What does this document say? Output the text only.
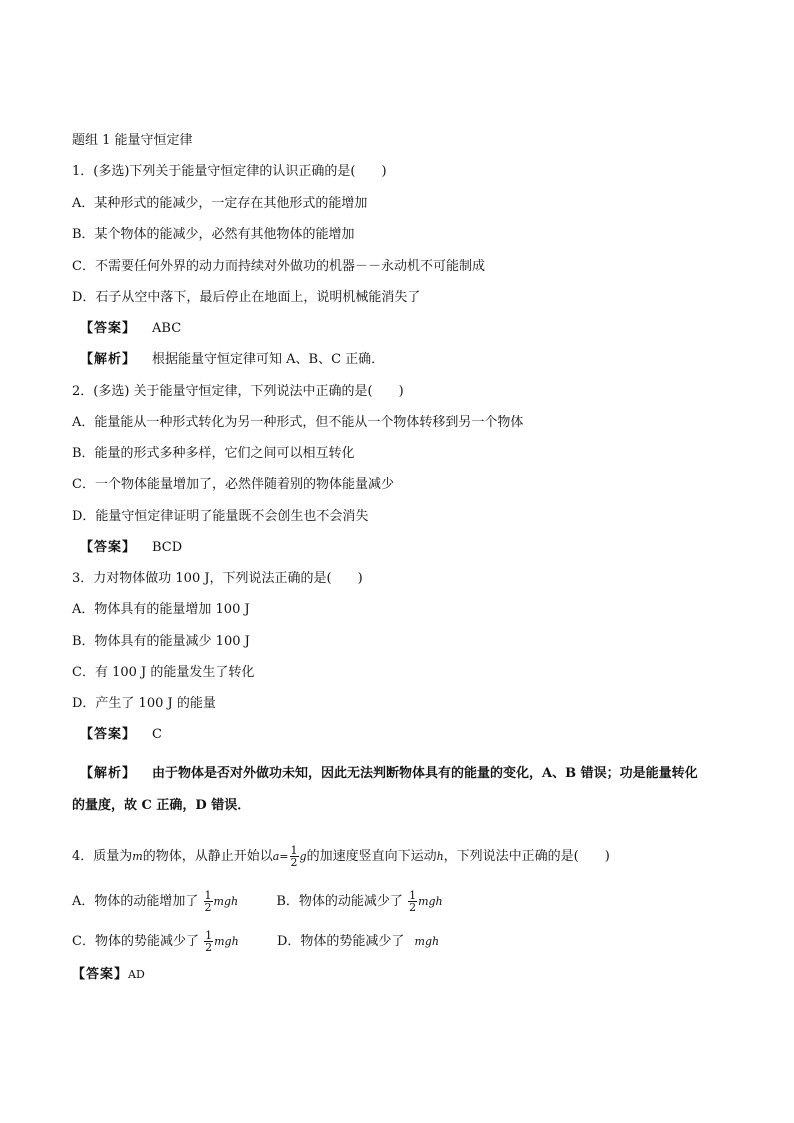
题组 1 能量守恒定律
1．(多选)下列关于能量守恒定律的认识正确的是(　　)
A．某种形式的能减少，一定存在其他形式的能增加
B．某个物体的能减少，必然有其他物体的能增加
C．不需要任何外界的动力而持续对外做功的机器－－永动机不可能制成
D．石子从空中落下，最后停止在地面上，说明机械能消失了
【答案】 ABC
【解析】 根据能量守恒定律可知 A、B、C 正确．
2．(多选) 关于能量守恒定律，下列说法中正确的是(　　)
A．能量能从一种形式转化为另一种形式，但不能从一个物体转移到另一个物体
B．能量的形式多种多样，它们之间可以相互转化
C．一个物体能量增加了，必然伴随着别的物体能量减少
D．能量守恒定律证明了能量既不会创生也不会消失
【答案】 BCD
3．力对物体做功 100 J，下列说法正确的是(　　)
A．物体具有的能量增加 100 J
B．物体具有的能量减少 100 J
C．有 100 J 的能量发生了转化
D．产生了 100 J 的能量
【答案】 C
【解析】 由于物体是否对外做功未知，因此无法判断物体具有的能量的变化，A、B 错误；功是能量转化
的量度，故 C 正确，D 错误．
4．质量为m的物体，从静止开始以$a= \frac{1}{2}$ g的加速度竖直向下运动h，下列说法中正确的是(　　)
A．物体的动能增加了 $\frac{1}{2}$ mgh	B．物体的动能减少了 $\frac{1}{2}$ mgh
C．物体的势能减少了 $\frac{1}{2}$ mgh	D．物体的势能减少了 mgh
【答案】AD
